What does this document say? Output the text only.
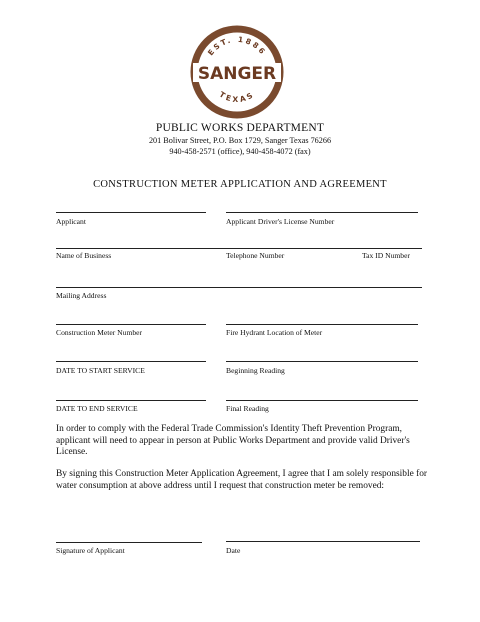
EST. 1886
SANGER
TEXAS
PUBLIC WORKS DEPARTMENT
201 Bolivar Street, P.O. Box 1729, Sanger Texas 76266
940-458-2571 (office), 940-458-4072 (fax)
CONSTRUCTION METER APPLICATION AND AGREEMENT
Applicant	Applicant Driver's License Number
Name of Business	Telephone Number	Tax ID Number
Mailing Address
Construction Meter Number	Fire Hydrant Location of Meter
DATE TO START SERVICE	Beginning Reading
DATE TO END SERVICE	Final Reading
In order to comply with the Federal Trade Commission's Identity Theft Prevention Program, applicant will need to appear in person at Public Works Department and provide valid Driver's License.
By signing this Construction Meter Application Agreement, I agree that I am solely responsible for water consumption at above address until I request that construction meter be removed:
Signature of Applicant	Date
